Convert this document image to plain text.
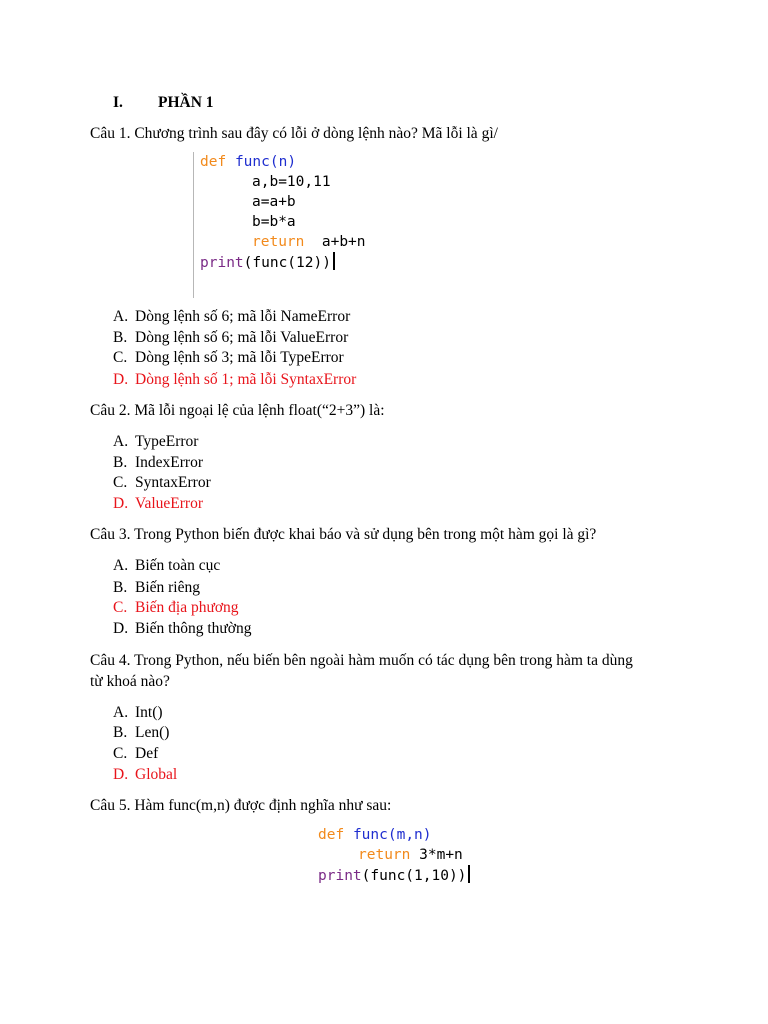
I. PHẦN 1
Câu 1. Chương trình sau đây có lỗi ở dòng lệnh nào? Mã lỗi là gì/
def func(n)
a,b=10,11
a=a+b
b=b*a
return a+b+n
print(func(12))
A. Dòng lệnh số 6; mã lỗi NameError
B. Dòng lệnh số 6; mã lỗi ValueError
C. Dòng lệnh số 3; mã lỗi TypeError
D. Dòng lệnh số 1; mã lỗi SyntaxError
Câu 2. Mã lỗi ngoại lệ của lệnh float(“2+3”) là:
A. TypeError
B. IndexError
C. SyntaxError
D. ValueError
Câu 3. Trong Python biến được khai báo và sử dụng bên trong một hàm gọi là gì?
A. Biến toàn cục
B. Biến riêng
C. Biến địa phương
D. Biến thông thường
Câu 4. Trong Python, nếu biến bên ngoài hàm muốn có tác dụng bên trong hàm ta dùng
từ khoá nào?
A. Int()
B. Len()
C. Def
D. Global
Câu 5. Hàm func(m,n) được định nghĩa như sau:
def func(m,n)
return 3*m+n
print(func(1,10))
